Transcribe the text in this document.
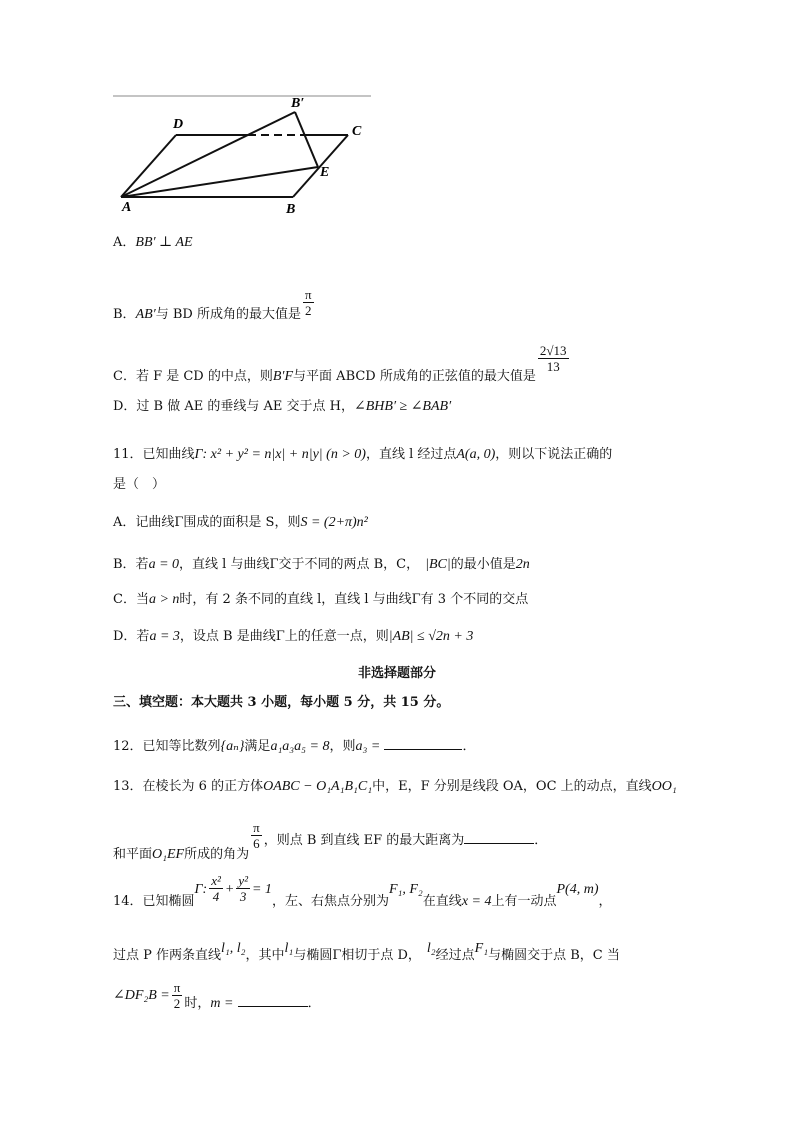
D	C
B′
E
A	B
A．BB′ ⊥ AE
B．AB′与 BD 所成角的最大值是 $\frac{\pi}{2}$
C．若 F 是 CD 的中点，则B′F与平面 ABCD 所成角的正弦值的最大值是
$\frac{2√13}{13}$
D．过 B 做 AE 的垂线与 AE 交于点 H，∠BHB′ ≥ ∠BAB′
11．已知曲线Γ: x² + y² = n|x| + n|y| (n > 0)，直线 l 经过点A(a, 0)，则以下说法正确的
是（　）
A．记曲线Γ围成的面积是 S，则S = (2+π)n²
B．若a = 0，直线 l 与曲线Γ交于不同的两点 B，C， |BC|的最小值是2n
C．当a > n时，有 2 条不同的直线 l，直线 l 与曲线Γ有 3 个不同的交点
D．若a = 3，设点 B 是曲线Γ上的任意一点，则|AB| ≤ √2n + 3
非选择题部分
三、填空题：本大题共 3 小题，每小题 5 分，共 15 分。
12．已知等比数列{aₙ}满足a₁a₃a₅ = 8，则a₃ =	．
13．在棱长为 6 的正方体OABC − O₁A₁B₁C₁中，E，F 分别是线段 OA，OC 上的动点，直线OO₁
和平面O₁EF所成的角为
$\frac{\pi}{6}$ ，则点 B 到直线 EF 的最大距离为	．
14．已知椭圆Γ: $\frac{\text{x²}}{4} + \frac{\text{y²}}{3} = 1$，左、右焦点分别为F₁, F₂在直线x = 4上有一动点P(4, m)，
过点 P 作两条直线l₁, l₂，其中l₁与椭圆Γ相切于点 D， l₂经过点F₁与椭圆交于点 B，C 当
∠DF₂B = $\frac{\pi}{2}$ 时，m =	．
